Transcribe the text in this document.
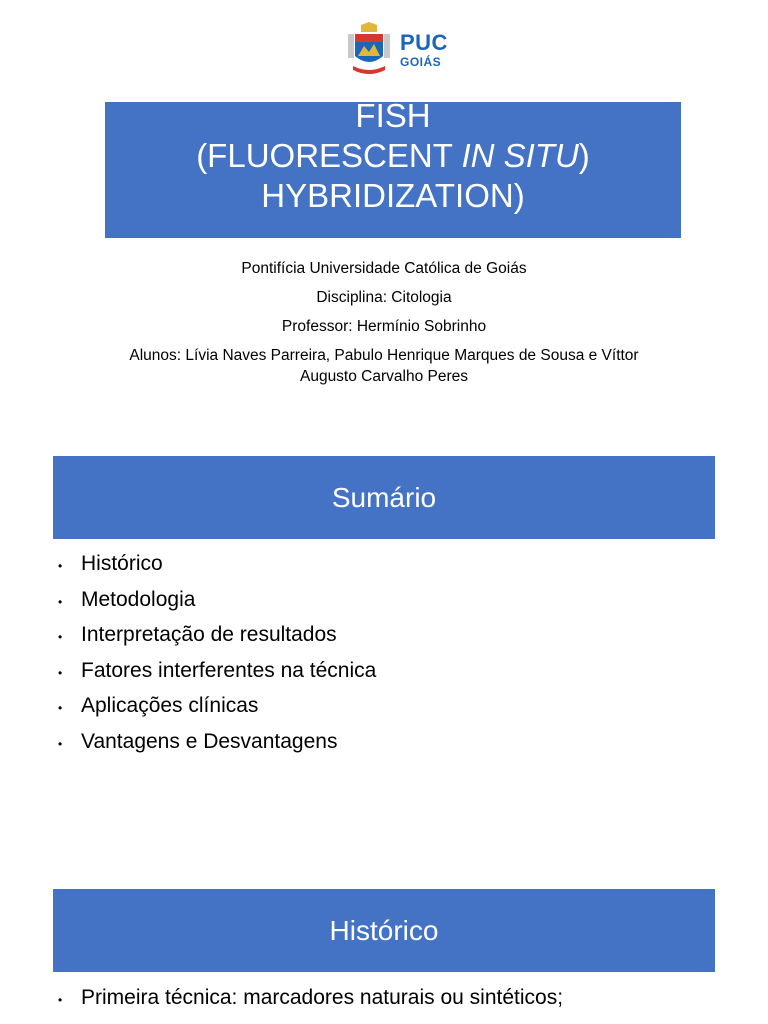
PUC
GOIÁS
FISH
(FLUORESCENT IN SITU)
HYBRIDIZATION)
Pontifícia Universidade Católica de Goiás
Disciplina: Citologia
Professor: Hermínio Sobrinho
Alunos: Lívia Naves Parreira, Pabulo Henrique Marques de Sousa e Víttor
Augusto Carvalho Peres
Sumário
• Histórico
• Metodologia
• Interpretação de resultados
• Fatores interferentes na técnica
• Aplicações clínicas
• Vantagens e Desvantagens
Histórico
• Primeira técnica: marcadores naturais ou sintéticos;
